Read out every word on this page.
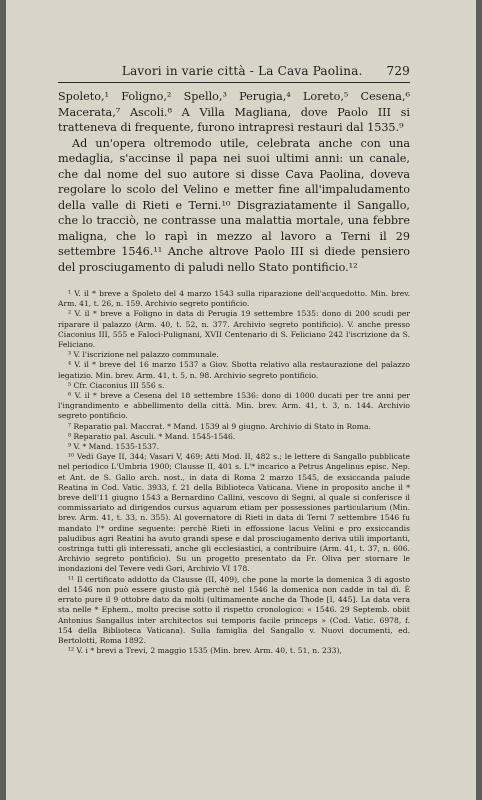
Lavori in varie città - La Cava Paolina.	729

Spoleto,¹ Foligno,² Spello,³ Perugia,⁴ Loreto,⁵ Cesena,⁶ Macerata,⁷ Ascoli.⁸ A Villa Magliana, dove Paolo III si tratteneva di frequente, furono intrapresi restauri dal 1535.⁹

Ad un'opera oltremodo utile, celebrata anche con una medaglia, s'accinse il papa nei suoi ultimi anni: un canale, che dal nome del suo autore si disse Cava Paolina, doveva regolare lo scolo del Velino e metter fine all'impaludamento della valle di Rieti e Terni.¹⁰ Disgraziatamente il Sangallo, che lo tracciò, ne contrasse una malattia mortale, una febbre maligna, che lo rapì in mezzo al lavoro a Terni il 29 settembre 1546.¹¹ Anche altrove Paolo III si diede pensiero del prosciugamento di paludi nello Stato pontificio.¹²

¹ V. il * breve a Spoleto del 4 marzo 1543 sulla riparazione dell'acquedotto. Min. brev. Arm. 41, t. 26, n. 159. Archivio segreto pontificio.

² V. il * breve a Foligno in data di Perugia 19 settembre 1535: dono di 200 scudi per riparare il palazzo (Arm. 40, t. 52, n. 377. Archivio segreto pontificio). V. anche presso Ciaconius III, 555 e Faloci-Pulignani, XVII Centenario di S. Feliciano 242 l'iscrizione da S. Feliciano.

³ V. l'iscrizione nel palazzo communale.

⁴ V. il * breve del 16 marzo 1537 a Giov. Sbotta relativo alla restaurazione del palazzo legatizio. Min. brev. Arm. 41, t. 5, n. 98. Archivio segreto pontificio.

⁵ Cfr. Ciaconius III 556 s.

⁶ V. il * breve a Cesena del 18 settembre 1536: dono di 1000 ducati per tre anni per l'ingrandimento e abbellimento della città. Min. brev. Arm. 41, t. 3, n. 144. Archivio segreto pontificio.

⁷ Reparatio pal. Maccrat. * Mand. 1539 al 9 giugno. Archivio di Stato in Roma.

⁸ Reparatio pal. Asculi. * Mand. 1545-1546.

⁹ V. * Mand. 1535-1537.

¹⁰ Vedi Gaye II, 344; Vasari V, 469; Atti Mod. II, 482 s.; le lettere di Sangallo pubblicate nel periodico L'Umbria 1900; Clausse II, 401 s. L'* incarico a Petrus Angelinus episc. Nep. et Ant. de S. Gallo arch. nost., in data di Roma 2 marzo 1545, de exsiccanda palude Reatina in Cod. Vatic. 3933, f. 21 della Biblioteca Vaticana. Viene in proposito anche il * breve dell'11 giugno 1543 a Bernardino Callini, vescovo di Segni, al quale si conferisce il commissariato ad dirigendos cursus aquarum etiam per possessiones particularium (Min. brev. Arm. 41, t. 33, n. 355). Al governatore di Rieti in data di Terni 7 settembre 1546 fu mandato l'* ordine seguente: perchè Rieti in effossione lacus Velini e pro exsiccandis paludibus agri Reatini ha avuto grandi spese e dal prosciugamento deriva utili importanti, costringa tutti gli interessati, anche gli ecclesiastici, a contribuire (Arm. 41, t. 37, n. 606. Archivio segreto pontificio). Su un progetto presentato da Fr. Oliva per stornare le inondazioni del Tevere vedi Gori, Archivio VI 178.

¹¹ Il certificato addotto da Clausse (II, 409), che pone la morte la domenica 3 di agosto del 1546 non può essere giusto già perchè nel 1546 la domenica non cadde in tal dì. È errato pure il 9 ottobre dato da molti (ultimamente anche da Thode [I, 445]. La data vera sta nelle * Ephem., molto precise sotto il rispetto cronologico: « 1546. 29 Septemb. obiit Antonius Sangallus inter architectos sui temporis facile princeps » (Cod. Vatic. 6978, f. 154 della Biblioteca Vaticana). Sulla famiglia del Sangallo v. Nuovi documenti, ed. Bertolotti, Roma 1892.

¹² V. i * brevi a Trevi, 2 maggio 1535 (Min. brev. Arm. 40, t. 51, n. 233),
